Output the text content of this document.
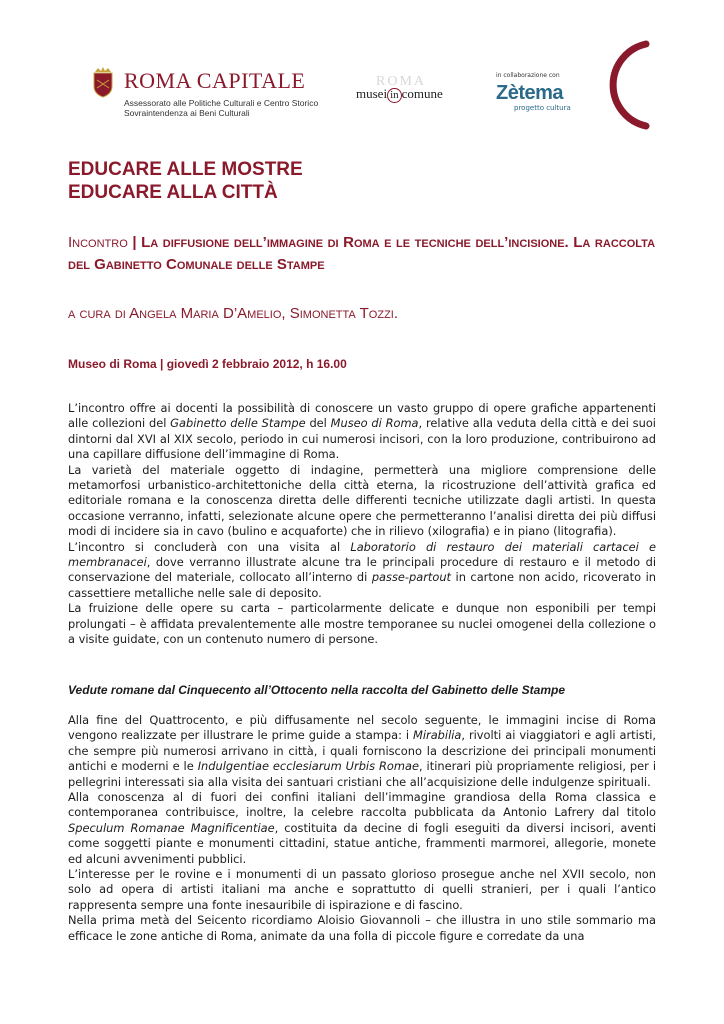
ROMA CAPITALE
Assessorato alle Politiche Culturali e Centro Storico
Sovraintendenza ai Beni Culturali
ROMA
musei in comune
in collaborazione con
Zètema
progetto cultura
EDUCARE ALLE MOSTRE
EDUCARE ALLA CITTÀ
Incontro | La diffusione dell’immagine di Roma e le tecniche dell’incisione. La raccolta del Gabinetto Comunale delle Stampe
a cura di Angela Maria D’Amelio, Simonetta Tozzi.
Museo di Roma | giovedì 2 febbraio 2012, h 16.00

L’incontro offre ai docenti la possibilità di conoscere un vasto gruppo di opere grafiche appartenenti alle collezioni del Gabinetto delle Stampe del Museo di Roma, relative alla veduta della città e dei suoi dintorni dal XVI al XIX secolo, periodo in cui numerosi incisori, con la loro produzione, contribuirono ad una capillare diffusione dell’immagine di Roma.

La varietà del materiale oggetto di indagine, permetterà una migliore comprensione delle metamorfosi urbanistico-architettoniche della città eterna, la ricostruzione dell’attività grafica ed editoriale romana e la conoscenza diretta delle differenti tecniche utilizzate dagli artisti. In questa occasione verranno, infatti, selezionate alcune opere che permetteranno l’analisi diretta dei più diffusi modi di incidere sia in cavo (bulino e acquaforte) che in rilievo (xilografia) e in piano (litografia).

L’incontro si concluderà con una visita al Laboratorio di restauro dei materiali cartacei e membranacei, dove verranno illustrate alcune tra le principali procedure di restauro e il metodo di conservazione del materiale, collocato all’interno di passe-partout in cartone non acido, ricoverato in cassettiere metalliche nelle sale di deposito.

La fruizione delle opere su carta – particolarmente delicate e dunque non esponibili per tempi prolungati – è affidata prevalentemente alle mostre temporanee su nuclei omogenei della collezione o a visite guidate, con un contenuto numero di persone.

Vedute romane dal Cinquecento all’Ottocento nella raccolta del Gabinetto delle Stampe

Alla fine del Quattrocento, e più diffusamente nel secolo seguente, le immagini incise di Roma vengono realizzate per illustrare le prime guide a stampa: i Mirabilia, rivolti ai viaggiatori e agli artisti, che sempre più numerosi arrivano in città, i quali forniscono la descrizione dei principali monumenti antichi e moderni e le Indulgentiae ecclesiarum Urbis Romae, itinerari più propriamente religiosi, per i pellegrini interessati sia alla visita dei santuari cristiani che all’acquisizione delle indulgenze spirituali.

Alla conoscenza al di fuori dei confini italiani dell’immagine grandiosa della Roma classica e contemporanea contribuisce, inoltre, la celebre raccolta pubblicata da Antonio Lafrery dal titolo Speculum Romanae Magnificentiae, costituita da decine di fogli eseguiti da diversi incisori, aventi come soggetti piante e monumenti cittadini, statue antiche, frammenti marmorei, allegorie, monete ed alcuni avvenimenti pubblici.

L’interesse per le rovine e i monumenti di un passato glorioso prosegue anche nel XVII secolo, non solo ad opera di artisti italiani ma anche e soprattutto di quelli stranieri, per i quali l’antico rappresenta sempre una fonte inesauribile di ispirazione e di fascino.

Nella prima metà del Seicento ricordiamo Aloisio Giovannoli – che illustra in uno stile sommario ma efficace le zone antiche di Roma, animate da una folla di piccole figure e corredate da una
